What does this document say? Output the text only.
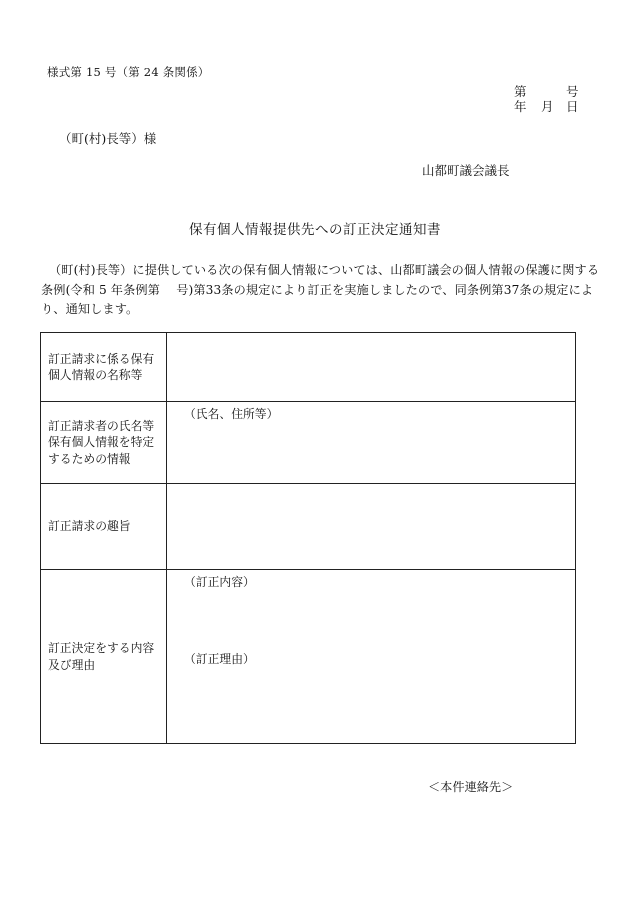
様式第 15 号（第 24 条関係）
第	号
年 月 日
（町(村)長等）様
山都町議会議長
保有個人情報提供先への訂正決定通知書
（町(村)長等）に提供している次の保有個人情報については、山都町議会の個人情報の保護に関する
条例(令和 5 年条例第　 号)第33条の規定により訂正を実施しましたので、同条例第37条の規定によ
り、通知します。
訂正請求に係る保有個人情報の名称等
訂正請求者の氏名等保有個人情報を特定するための情報
（氏名、住所等）
訂正請求の趣旨
訂正決定をする内容及び理由
（訂正内容）
（訂正理由）
＜本件連絡先＞
